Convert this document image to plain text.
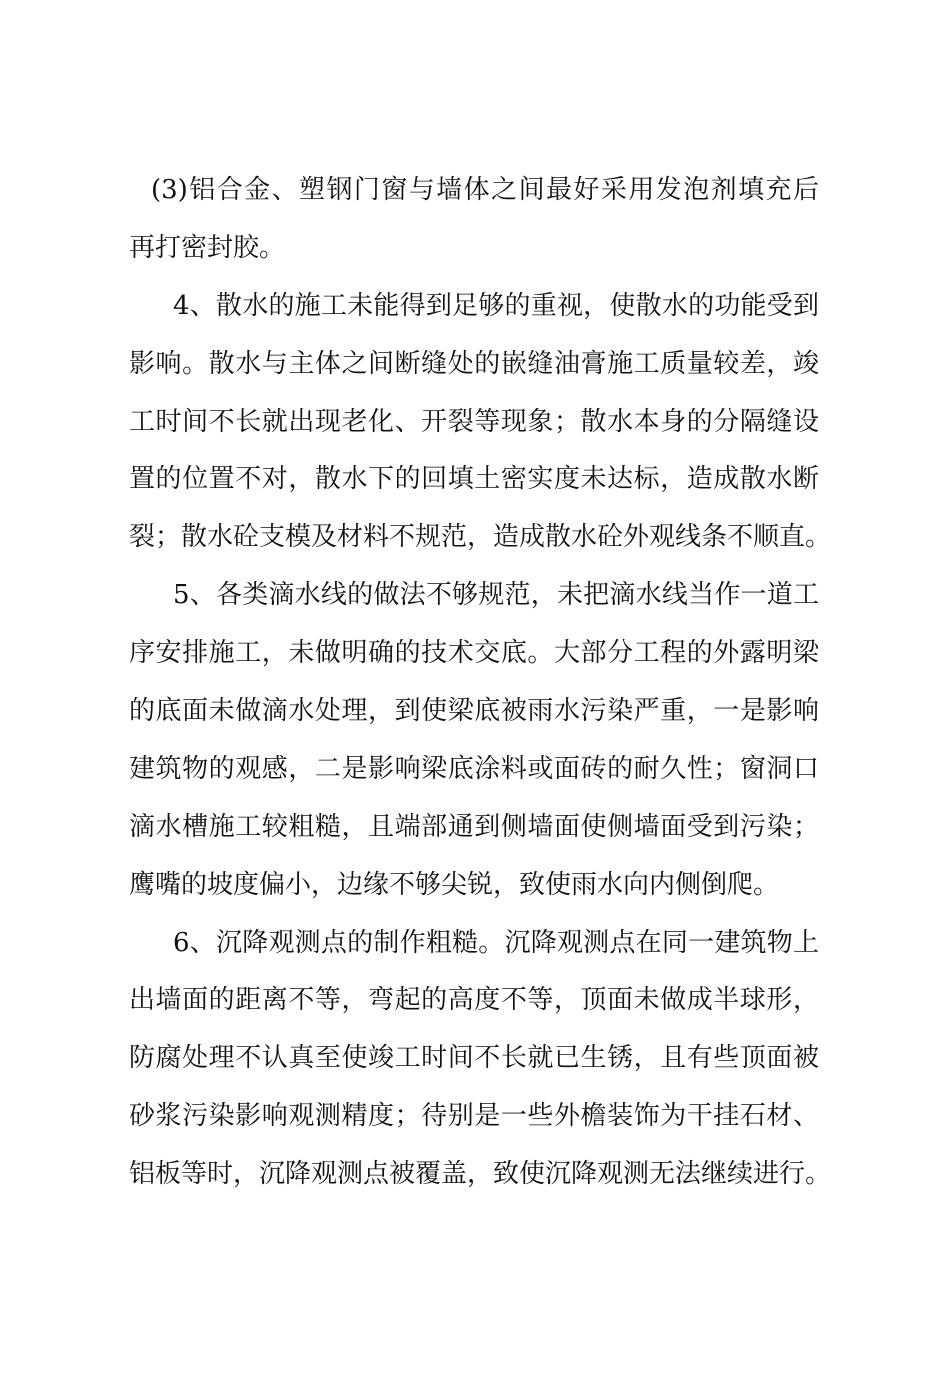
(3)铝合金、塑钢门窗与墙体之间最好采用发泡剂填充后
再打密封胶。
4、散水的施工未能得到足够的重视，使散水的功能受到
影响。散水与主体之间断缝处的嵌缝油膏施工质量较差，竣
工时间不长就出现老化、开裂等现象；散水本身的分隔缝设
置的位置不对，散水下的回填土密实度未达标，造成散水断
裂；散水砼支模及材料不规范，造成散水砼外观线条不顺直。
5、各类滴水线的做法不够规范，未把滴水线当作一道工
序安排施工，未做明确的技术交底。大部分工程的外露明梁
的底面未做滴水处理，到使梁底被雨水污染严重，一是影响
建筑物的观感，二是影响梁底涂料或面砖的耐久性；窗洞口
滴水槽施工较粗糙，且端部通到侧墙面使侧墙面受到污染；
鹰嘴的坡度偏小，边缘不够尖锐，致使雨水向内侧倒爬。
6、沉降观测点的制作粗糙。沉降观测点在同一建筑物上
出墙面的距离不等，弯起的高度不等，顶面未做成半球形，
防腐处理不认真至使竣工时间不长就已生锈，且有些顶面被
砂浆污染影响观测精度；待别是一些外檐装饰为干挂石材、
铝板等时，沉降观测点被覆盖，致使沉降观测无法继续进行。
